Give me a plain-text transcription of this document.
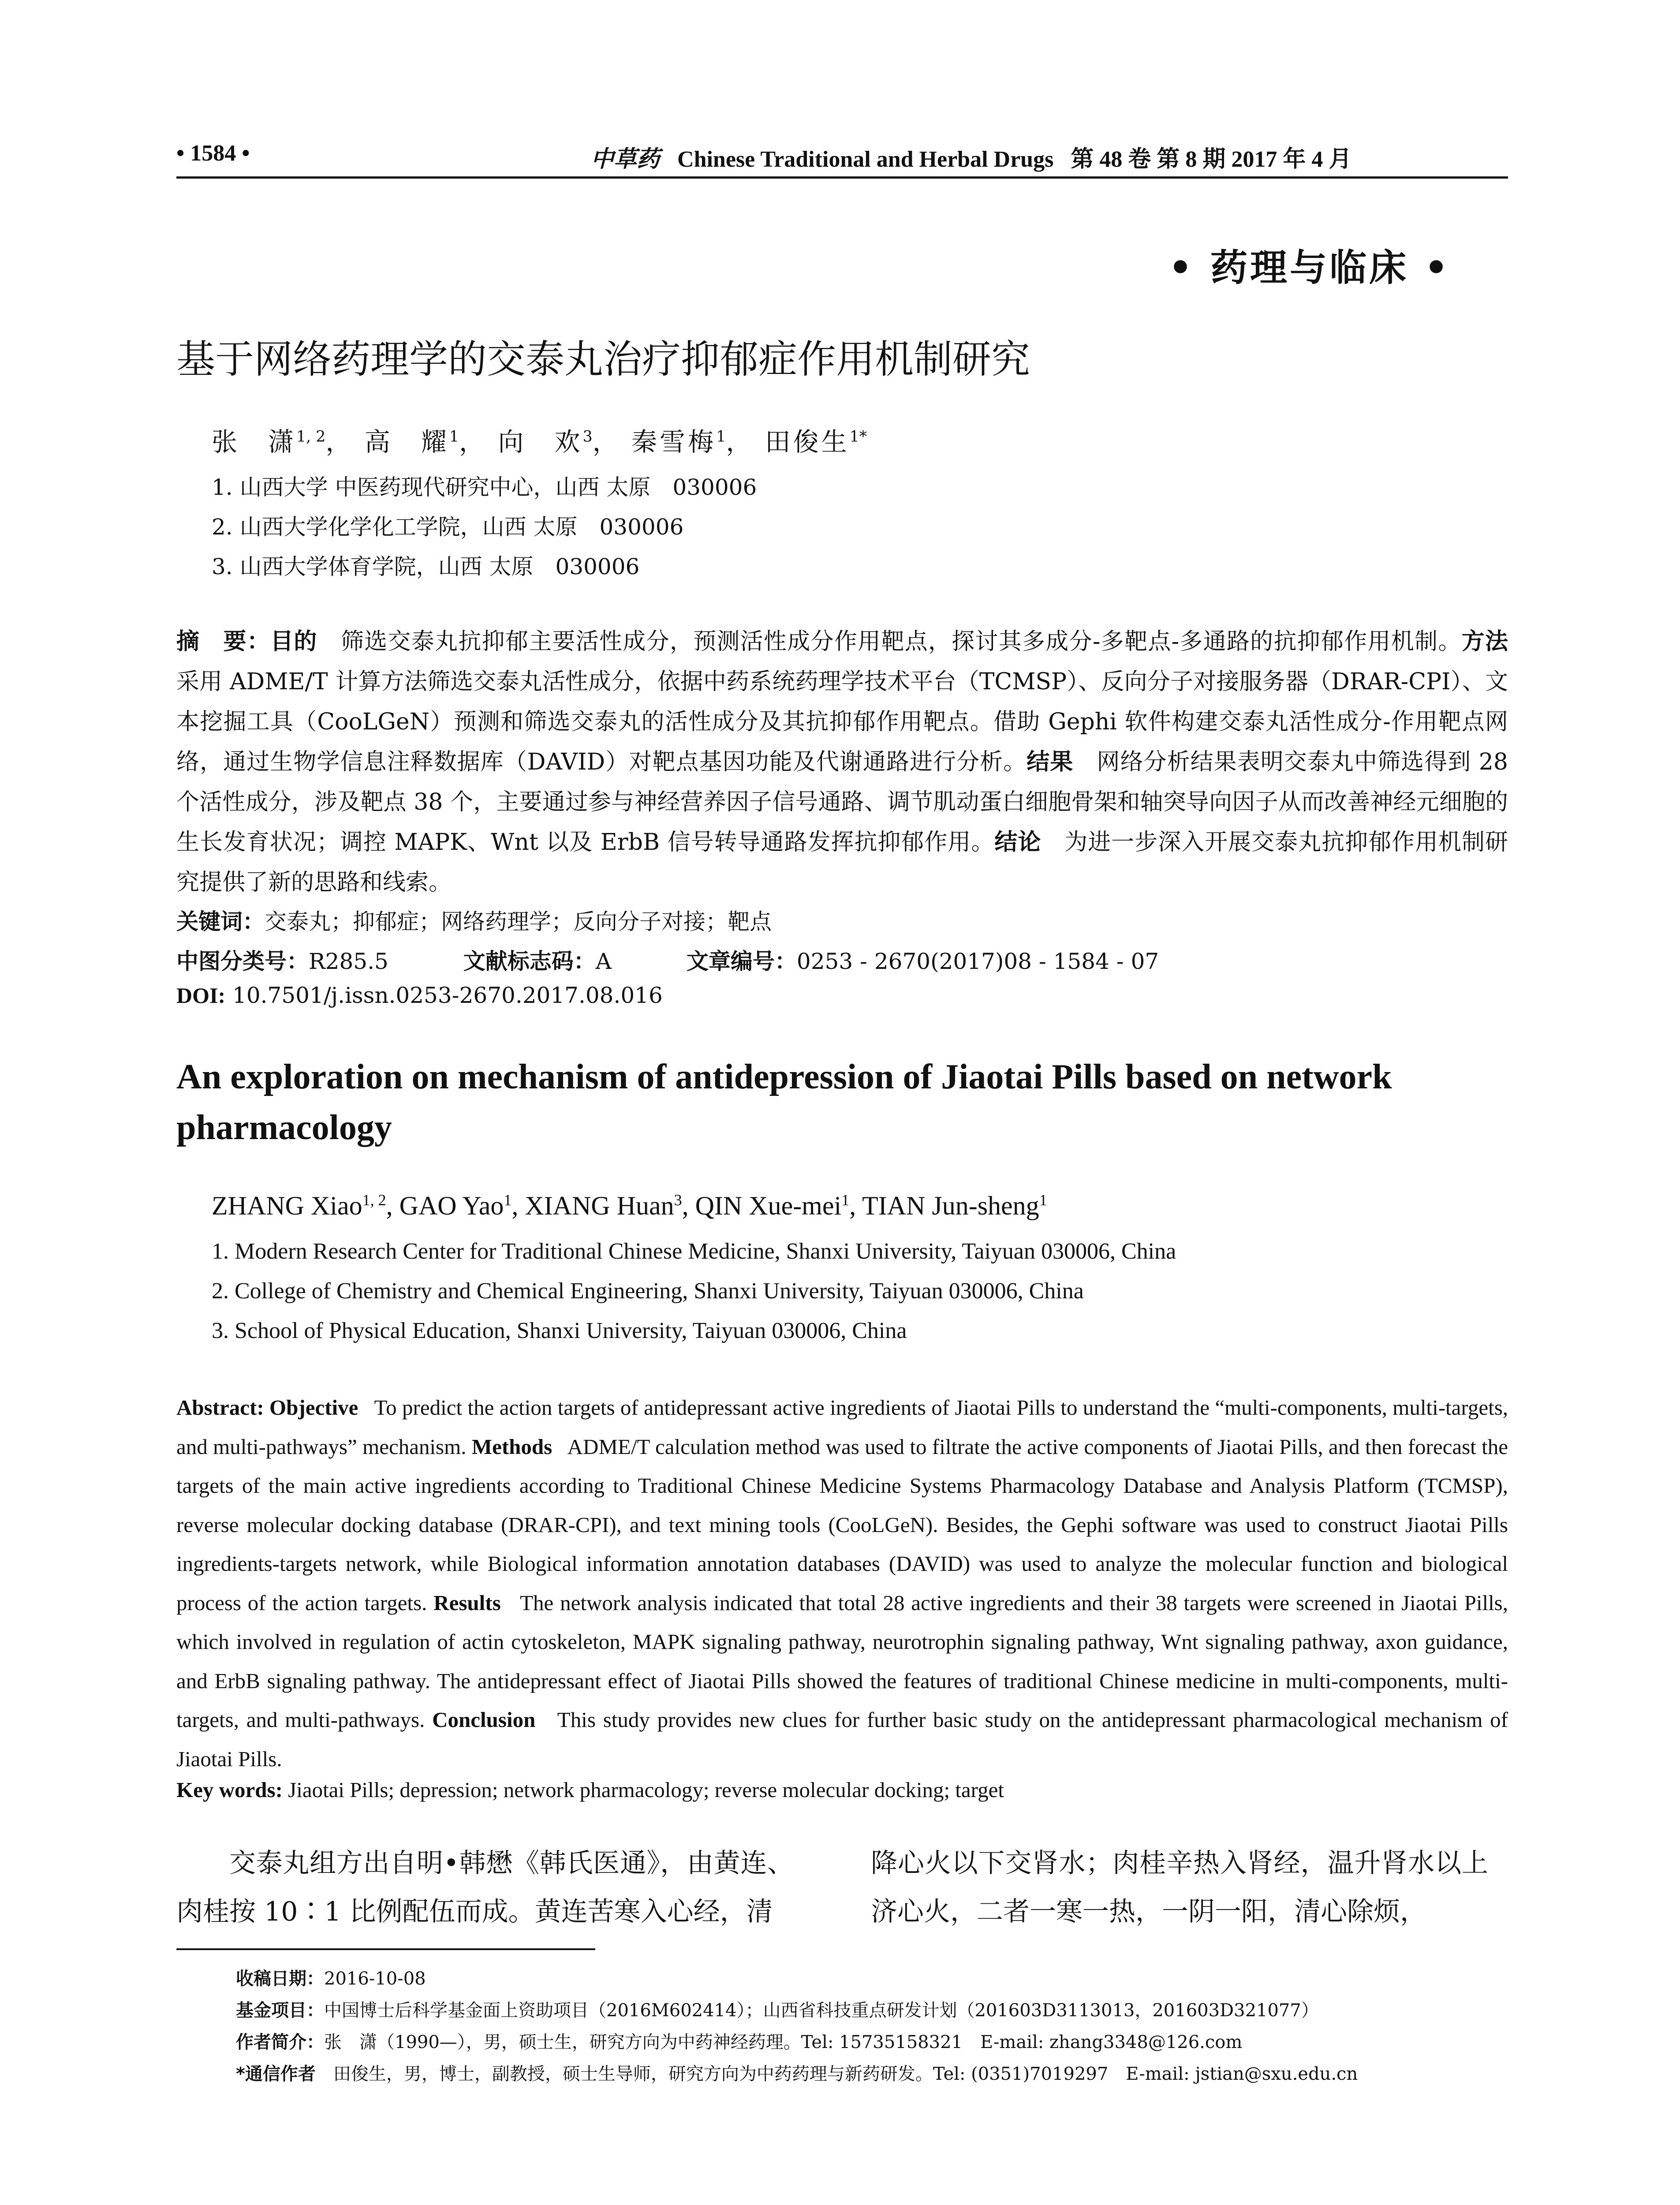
• 1584 •	中草药 Chinese Traditional and Herbal Drugs 第 48 卷 第 8 期 2017 年 4 月
• 药理与临床 •
基于网络药理学的交泰丸治疗抑郁症作用机制研究
张　潇$^{1, 2}$， 高　耀$^1$， 向　欢$^3$， 秦雪梅$^1$， 田俊生$^{1*}$
1. 山西大学 中医药现代研究中心，山西 太原　030006
2. 山西大学化学化工学院，山西 太原　030006
3. 山西大学体育学院，山西 太原　030006
摘　要：目的　 筛选交泰丸抗抑郁主要活性成分，预测活性成分作用靶点，探讨其多成分-多靶点-多通路的抗抑郁作用机制。方法　采用 ADME/T 计算方法筛选交泰丸活性成分，依据中药系统药理学技术平台（TCMSP）、反向分子对接服务器（DRAR-CPI）、文本挖掘工具（CooLGeN）预测和筛选交泰丸的活性成分及其抗抑郁作用靶点。借助 Gephi 软件构建交泰丸活性成分-作用靶点网络，通过生物学信息注释数据库（DAVID）对靶点基因功能及代谢通路进行分析。结果　 网络分析结果表明交泰丸中筛选得到 28 个活性成分，涉及靶点 38 个，主要通过参与神经营养因子信号通路、调节肌动蛋白细胞骨架和轴突导向因子从而改善神经元细胞的生长发育状况；调控 MAPK、Wnt 以及 ErbB 信号转导通路发挥抗抑郁作用。结论　 为进一步深入开展交泰丸抗抑郁作用机制研究提供了新的思路和线索。
关键词：交泰丸；抑郁症；网络药理学；反向分子对接；靶点
中图分类号：R285.5	文献标志码：A	文章编号：0253 - 2670(2017)08 - 1584 - 07
DOI: 10.7501/j.issn.0253-2670.2017.08.016
An exploration on mechanism of antidepression of Jiaotai Pills based on network pharmacology
ZHANG Xiao$^{1, 2}$, GAO Yao$^1$, XIANG Huan$^3$, QIN Xue-mei$^1$, TIAN Jun-sheng$^1$
1. Modern Research Center for Traditional Chinese Medicine, Shanxi University, Taiyuan 030006, China
2. College of Chemistry and Chemical Engineering, Shanxi University, Taiyuan 030006, China
3. School of Physical Education, Shanxi University, Taiyuan 030006, China
Abstract: Objective To predict the action targets of antidepressant active ingredients of Jiaotai Pills to understand the “multi-components, multi-targets, and multi-pathways” mechanism. Methods ADME/T calculation method was used to filtrate the active components of Jiaotai Pills, and then forecast the targets of the main active ingredients according to Traditional Chinese Medicine Systems Pharmacology Database and Analysis Platform (TCMSP), reverse molecular docking database (DRAR-CPI), and text mining tools (CooLGeN). Besides, the Gephi software was used to construct Jiaotai Pills ingredients-targets network, while Biological information annotation databases (DAVID) was used to analyze the molecular function and biological process of the action targets. Results The network analysis indicated that total 28 active ingredients and their 38 targets were screened in Jiaotai Pills, which involved in regulation of actin cytoskeleton, MAPK signaling pathway, neurotrophin signaling pathway, Wnt signaling pathway, axon guidance, and ErbB signaling pathway. The antidepressant effect of Jiaotai Pills showed the features of traditional Chinese medicine in multi-components, multi-targets, and multi-pathways. Conclusion This study provides new clues for further basic study on the antidepressant pharmacological mechanism of Jiaotai Pills.
Key words: Jiaotai Pills; depression; network pharmacology; reverse molecular docking; target
交泰丸组方出自明•韩懋《韩氏医通》，由黄连、肉桂按 10∶1 比例配伍而成。黄连苦寒入心经，清
降心火以下交肾水；肉桂辛热入肾经，温升肾水以上济心火，二者一寒一热，一阴一阳，清心除烦，
收稿日期：2016-10-08
基金项目：中国博士后科学基金面上资助项目（2016M602414）；山西省科技重点研发计划（201603D3113013，201603D321077）
作者简介：张　潇（1990—），男，硕士生，研究方向为中药神经药理。Tel: 15735158321　E-mail: zhang3348@126.com
*通信作者　 田俊生，男，博士，副教授，硕士生导师，研究方向为中药药理与新药研发。Tel: (0351)7019297　E-mail: jstian@sxu.edu.cn
